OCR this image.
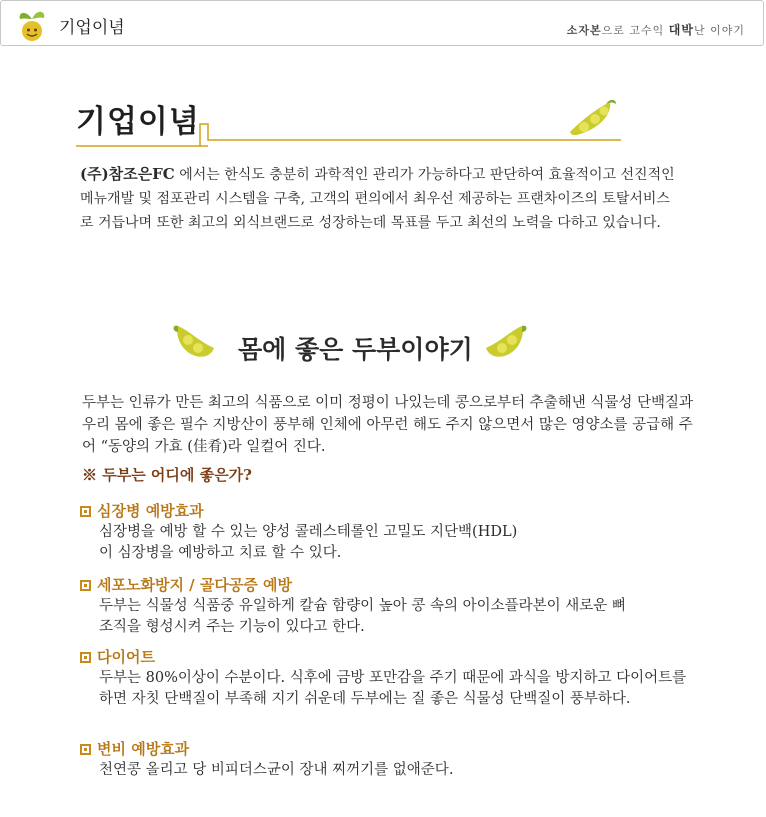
기업이념	소자본으로 고수익 대박난 이야기
기업이념

(주)참조은FC 에서는 한식도 충분히 과학적인 관리가 가능하다고 판단하여 효율적이고 선진적인 메뉴개발 및 점포관리 시스템을 구축, 고객의 편의에서 최우선 제공하는 프랜차이즈의 토탈서비스로 거듭나며 또한 최고의 외식브랜드로 성장하는데 목표를 두고 최선의 노력을 다하고 있습니다.

몸에 좋은 두부이야기

두부는 인류가 만든 최고의 식품으로 이미 정평이 나있는데 콩으로부터 추출해낸 식물성 단백질과 우리 몸에 좋은 필수 지방산이 풍부해 인체에 아무런 해도 주지 않으면서 많은 영양소를 공급해 주어 “동양의 가효 (佳肴)라 일컬어 진다.

※ 두부는 어디에 좋은가?
심장병 예방효과
심장병을 예방 할 수 있는 양성 콜레스테롤인 고밀도 지단백(HDL)이 심장병을 예방하고 치료 할 수 있다.
세포노화방지 / 골다공증 예방
두부는 식물성 식품중 유일하게 칼슘 함량이 높아 콩 속의 아이소플라본이 새로운 뼈 조직을 형성시켜 주는 기능이 있다고 한다.
다이어트
두부는 80%이상이 수분이다. 식후에 금방 포만감을 주기 때문에 과식을 방지하고 다이어트를 하면 자칫 단백질이 부족해 지기 쉬운데 두부에는 질 좋은 식물성 단백질이 풍부하다.
변비 예방효과
천연콩 올리고 당 비피더스균이 장내 찌꺼기를 없애준다.
